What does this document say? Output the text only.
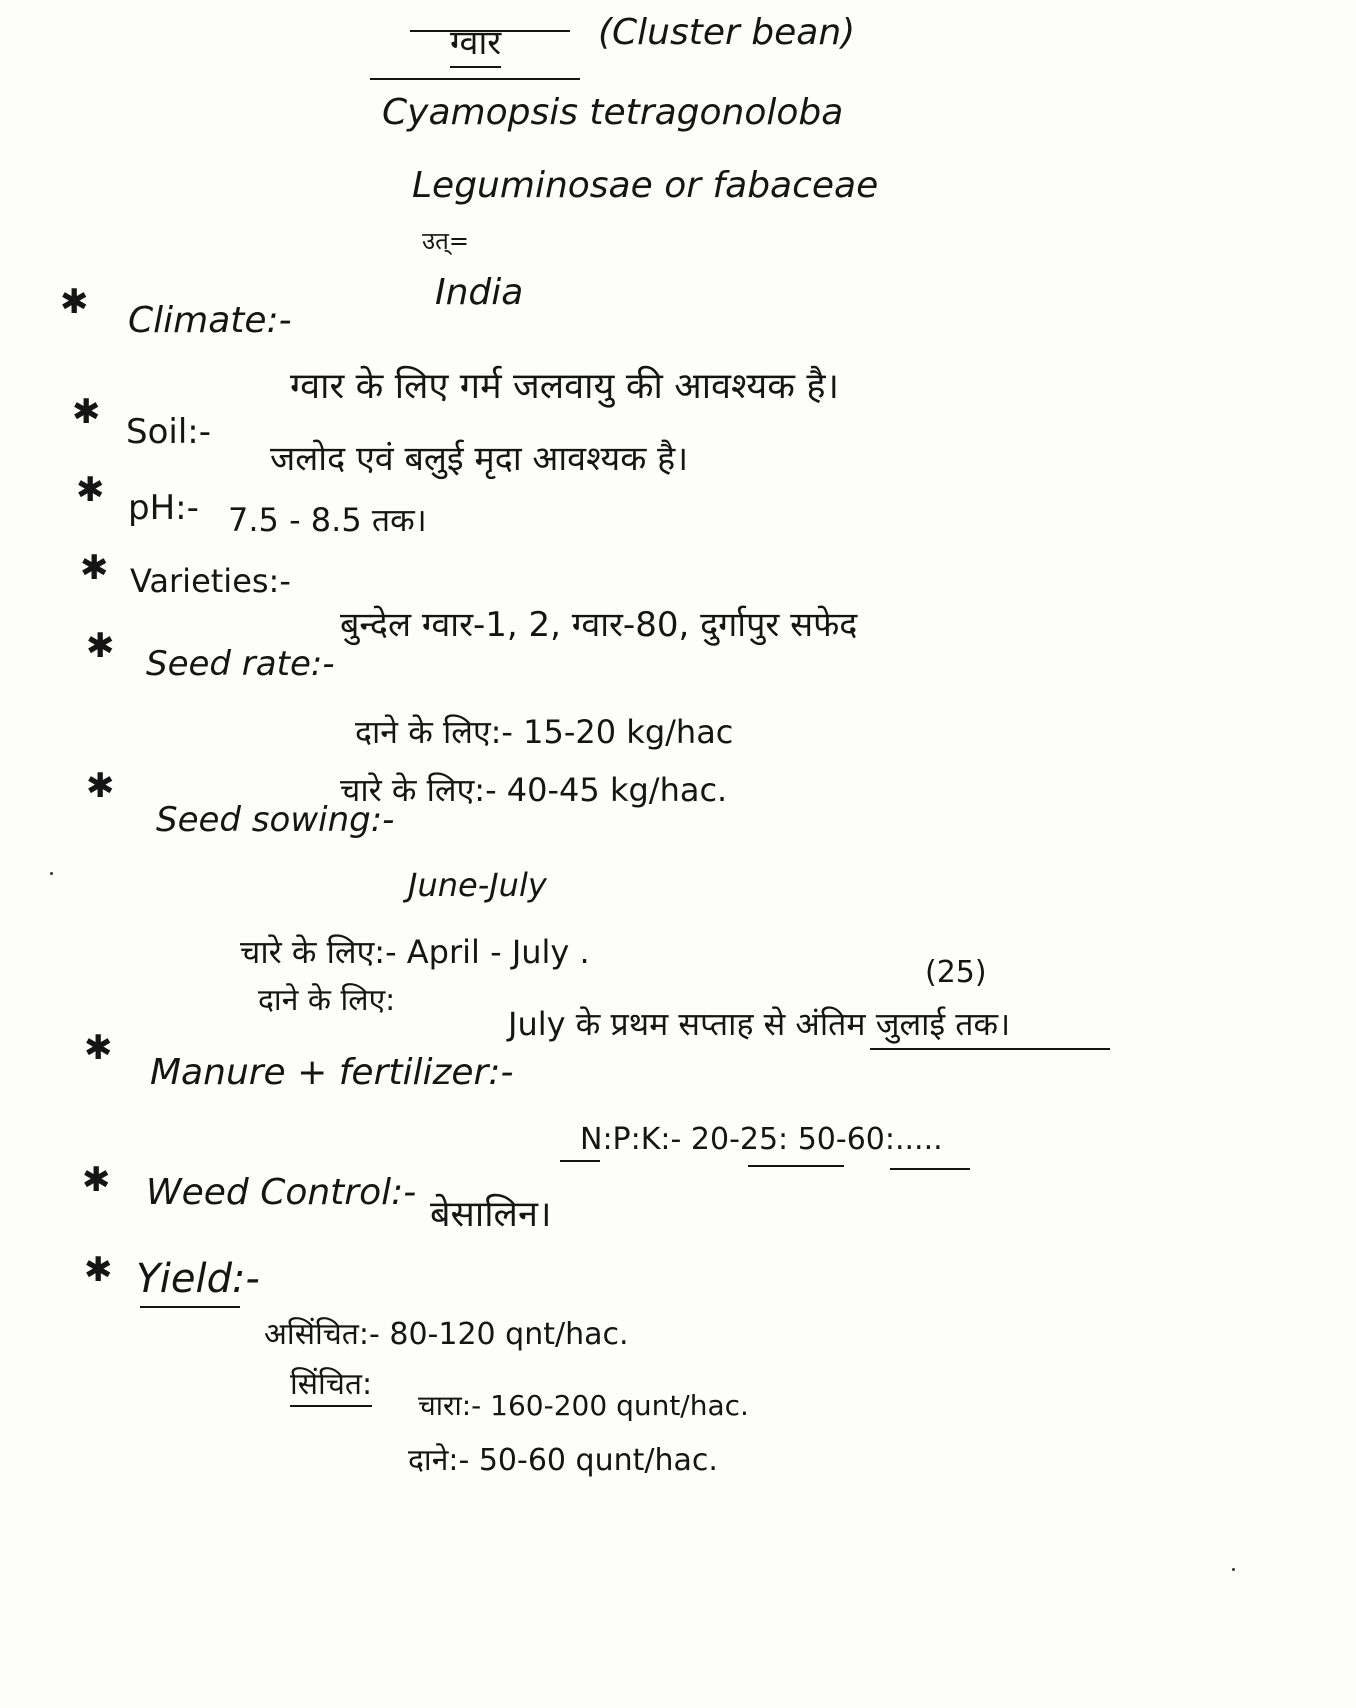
ग्वार	(Cluster bean)
Cyamopsis tetragonoloba
Leguminosae or fabaceae
उत्=
India
✱ Climate:-
ग्वार के लिए गर्म जलवायु की आवश्यक है।
✱ Soil:-
जलोद एवं बलुई मृदा आवश्यक है।
✱ pH:- 7.5 - 8.5 तक।
✱ Varieties:-
बुन्देल ग्वार-1, 2, ग्वार-80, दुर्गापुर सफेद
✱ Seed rate:-
दाने के लिए:- 15-20 kg/hac
चारे के लिए:- 40-45 kg/hac.
✱
Seed sowing:-
June-July
चारे के लिए:- April - July .
(25)
दाने के लिए:
July के प्रथम सप्ताह से अंतिम जुलाई तक।
✱
Manure + fertilizer:-
N:P:K:- 20-25: 50-60:.....
✱ Weed Control:-
बेसालिन।
✱ Yield:-
असिंचित:- 80-120 qnt/hac.
सिंचित:
चारा:- 160-200 qunt/hac.
दाने:- 50-60 qunt/hac.
